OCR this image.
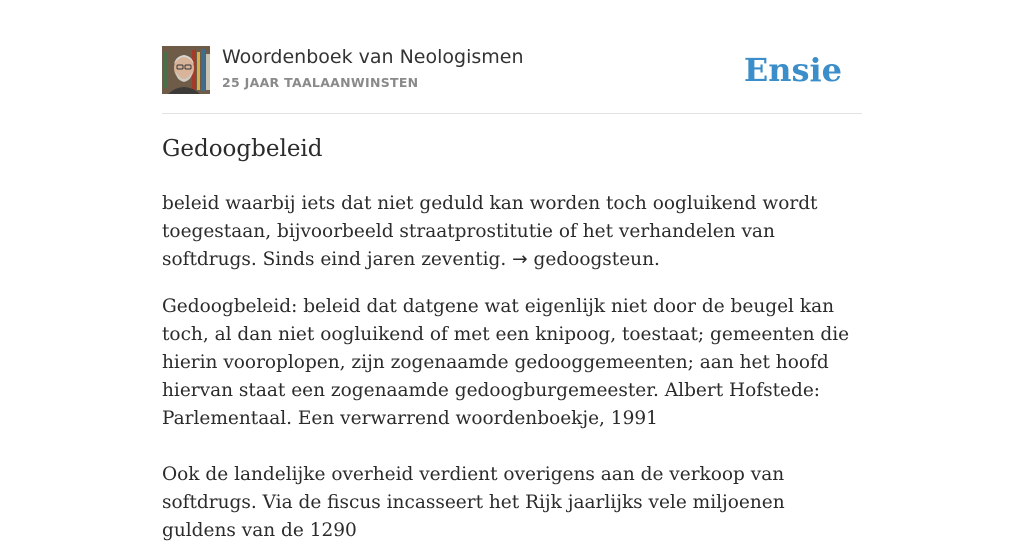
Woordenboek van Neologismen
25 JAAR TAALAANWINSTEN	Ensie
Gedoogbeleid

beleid waarbij iets dat niet geduld kan worden toch oogluikend wordt toegestaan, bijvoorbeeld straatprostitutie of het verhandelen van softdrugs. Sinds eind jaren zeventig. → gedoogsteun.

Gedoogbeleid: beleid dat datgene wat eigenlijk niet door de beugel kan toch, al dan niet oogluikend of met een knipoog, toestaat; gemeenten die hierin vooroplopen, zijn zogenaamde gedooggemeenten; aan het hoofd hiervan staat een zogenaamde gedoogburgemeester. Albert Hofstede: Parlementaal. Een verwarrend woordenboekje, 1991

Ook de landelijke overheid verdient overigens aan de verkoop van softdrugs. Via de fiscus incasseert het Rijk jaarlijks vele miljoenen guldens van de 1290
